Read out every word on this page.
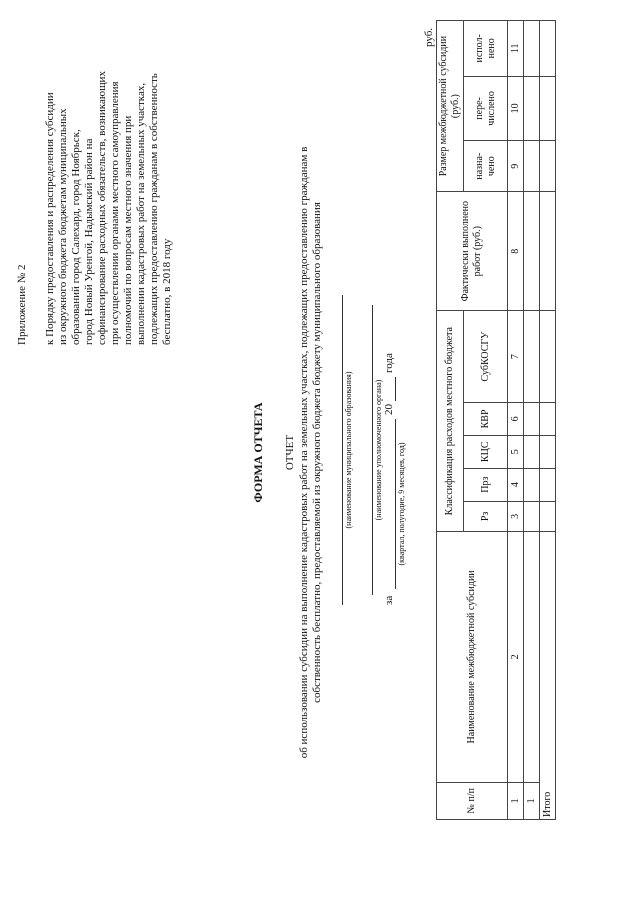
Приложение № 2 к Порядку предоставления и распределения субсидии из окружного бюджета бюджетам муниципальных образований город Салехард, город Ноябрьск, город Новый Уренгой, Надымский район на софинансирование расходных обязательств, возникающих при осуществлении органами местного самоуправления полномочий по вопросам местного значения при выполнении кадастровых работ на земельных участках, подлежащих предоставлению гражданам в собственность бесплатно, в 2018 году
ФОРМА ОТЧЕТА ОТЧЕТ об использовании субсидии на выполнение кадастровых работ на земельных участках, подлежащих предоставлению гражданам в собственность бесплатно, предоставляемой из окружного бюджета бюджету муниципального образования	(наименование муниципального образования)	(наименование уполномоченного органа)
за
20
года
(квартал, полугодие, 9 месяцев, год)
руб.
№ п/п	Наименование межбюджетной субсидии	Классификация расходов местного бюджета					Фактически выполнено работ (руб.)	Размер межбюджетной субсидии (руб.)		
		Рз	Прз	КЦС	КВР	СубКОСГУ		назна- чено	пере- числено	испол- нено
1	2	3	4	5	6	7	8	9	10	11
1										
Итого										
